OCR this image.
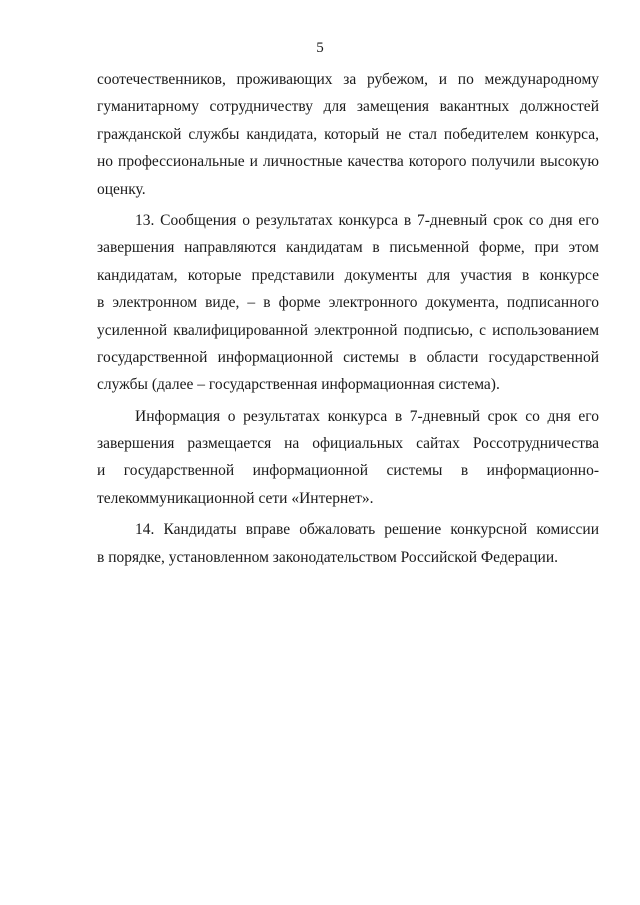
5
соотечественников, проживающих за рубежом, и по международному
гуманитарному сотрудничеству для замещения вакантных должностей
гражданской службы кандидата, который не стал победителем конкурса,
но профессиональные и личностные качества которого получили высокую
оценку.
13. Сообщения о результатах конкурса в 7-дневный срок со дня его
завершения направляются кандидатам в письменной форме, при этом
кандидатам, которые представили документы для участия в конкурсе
в электронном виде, – в форме электронного документа, подписанного
усиленной квалифицированной электронной подписью, с использованием
государственной информационной системы в области государственной
службы (далее – государственная информационная система).
Информация о результатах конкурса в 7-дневный срок со дня его
завершения размещается на официальных сайтах Россотрудничества
и государственной информационной системы в информационно-
телекоммуникационной сети «Интернет».
14. Кандидаты вправе обжаловать решение конкурсной комиссии
в порядке, установленном законодательством Российской Федерации.
